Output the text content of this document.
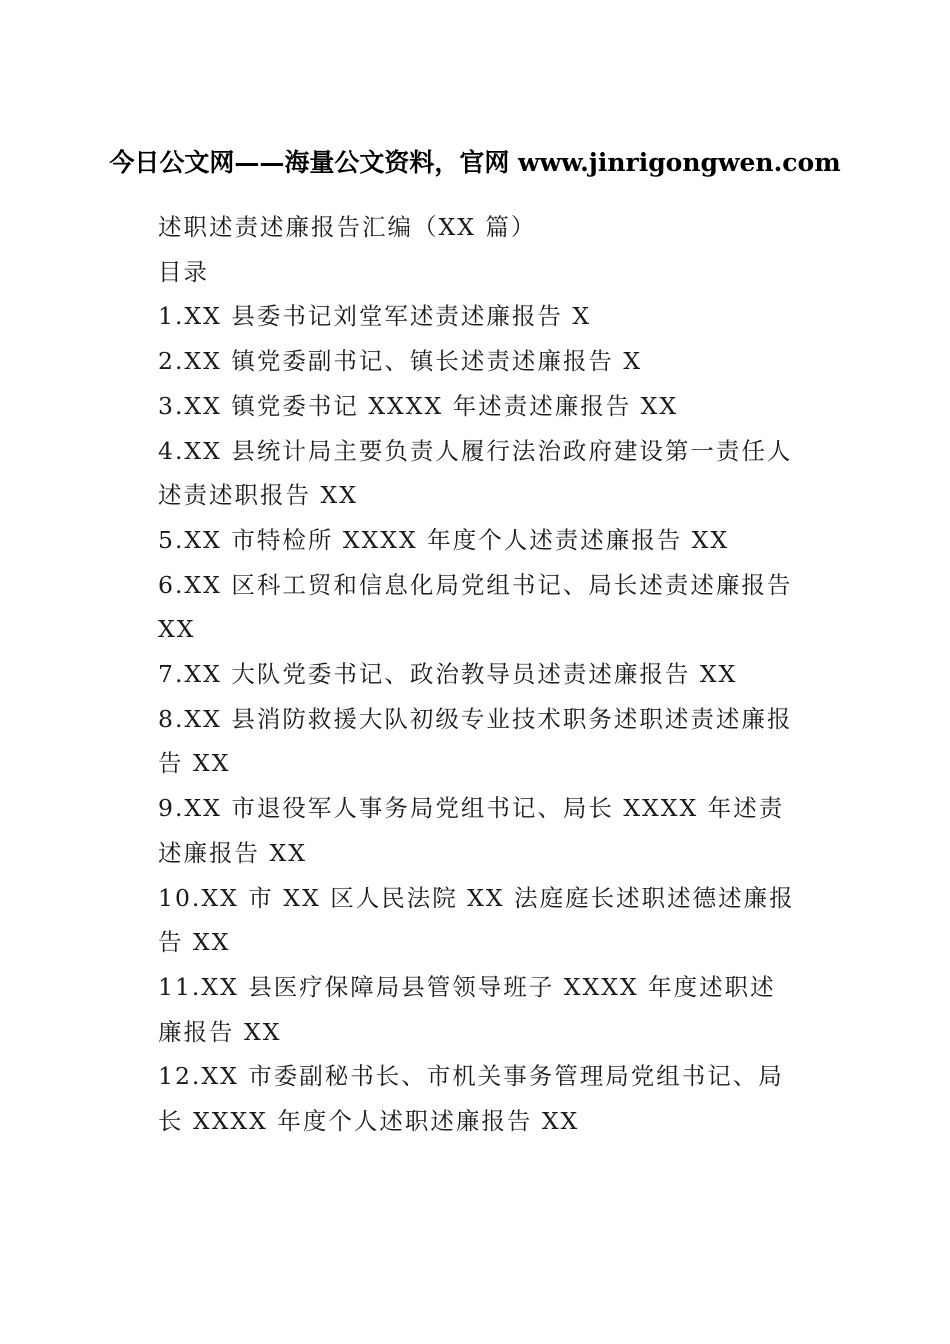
今日公文网——海量公文资料，官网 www.jinrigongwen.com
述职述责述廉报告汇编（XX 篇）
目录
1.XX 县委书记刘堂军述责述廉报告 X
2.XX 镇党委副书记、镇长述责述廉报告 X
3.XX 镇党委书记 XXXX 年述责述廉报告 XX
4.XX 县统计局主要负责人履行法治政府建设第一责任人述责述职报告 XX
5.XX 市特检所 XXXX 年度个人述责述廉报告 XX
6.XX 区科工贸和信息化局党组书记、局长述责述廉报告 XX
7.XX 大队党委书记、政治教导员述责述廉报告 XX
8.XX 县消防救援大队初级专业技术职务述职述责述廉报告 XX
9.XX 市退役军人事务局党组书记、局长 XXXX 年述责述廉报告 XX
10.XX 市 XX 区人民法院 XX 法庭庭长述职述德述廉报告 XX
11.XX 县医疗保障局县管领导班子 XXXX 年度述职述廉报告 XX
12.XX 市委副秘书长、市机关事务管理局党组书记、局长 XXXX 年度个人述职述廉报告 XX
